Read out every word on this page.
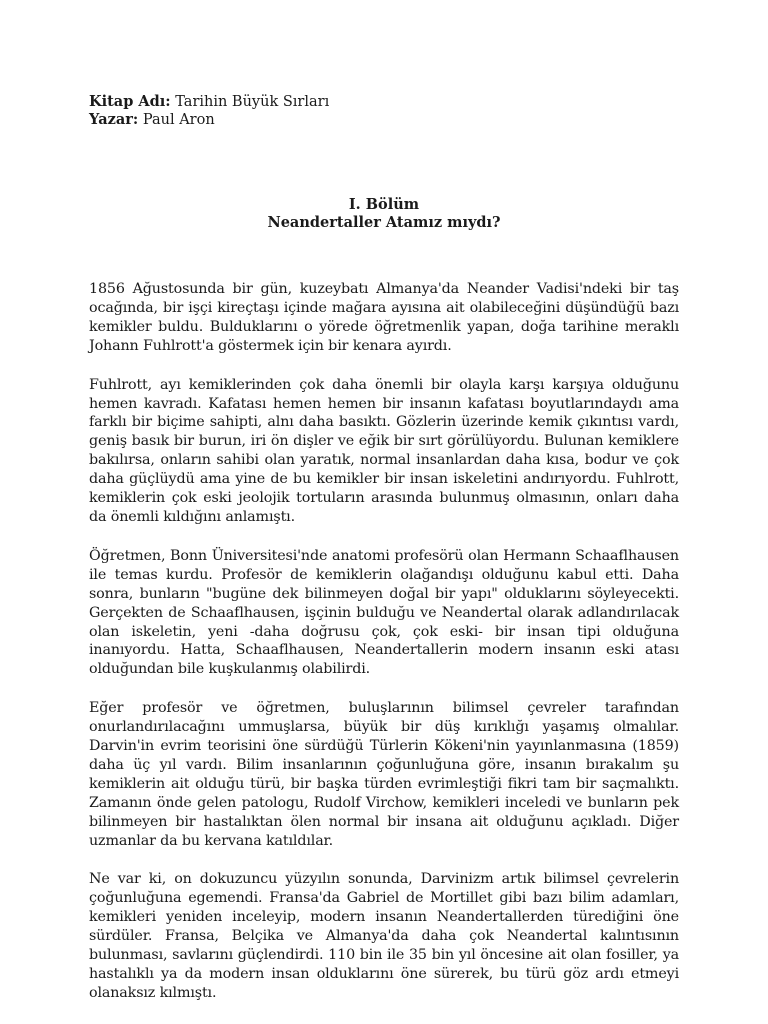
Kitap Adı: Tarihin Büyük Sırları

Yazar: Paul Aron

I. Bölüm
Neandertaller Atamız mıydı?

1856 Ağustosunda bir gün, kuzeybatı Almanya'da Neander Vadisi'ndeki bir taş ocağında, bir işçi kireçtaşı içinde mağara ayısına ait olabileceğini düşündüğü bazı kemikler buldu. Bulduklarını o yörede öğretmenlik yapan, doğa tarihine meraklı Johann Fuhlrott'a göstermek için bir kenara ayırdı.

Fuhlrott, ayı kemiklerinden çok daha önemli bir olayla karşı karşıya olduğunu hemen kavradı. Kafatası hemen hemen bir insanın kafatası boyutlarındaydı ama farklı bir biçime sahipti, alnı daha basıktı. Gözlerin üzerinde kemik çıkıntısı vardı, geniş basık bir burun, iri ön dişler ve eğik bir sırt görülüyordu. Bulunan kemiklere bakılırsa, onların sahibi olan yaratık, normal insanlardan daha kısa, bodur ve çok daha güçlüydü ama yine de bu kemikler bir insan iskeletini andırıyordu. Fuhlrott, kemiklerin çok eski jeolojik tortuların arasında bulunmuş olmasının, onları daha da önemli kıldığını anlamıştı.

Öğretmen, Bonn Üniversitesi'nde anatomi profesörü olan Hermann Schaaflhausen ile temas kurdu. Profesör de kemiklerin olağandışı olduğunu kabul etti. Daha sonra, bunların "bugüne dek bilinmeyen doğal bir yapı" olduklarını söyleyecekti. Gerçekten de Schaaflhausen, işçinin bulduğu ve Neandertal olarak adlandırılacak olan iskeletin, yeni -daha doğrusu çok, çok eski- bir insan tipi olduğuna inanıyordu. Hatta, Schaaflhausen, Neandertallerin modern insanın eski atası olduğundan bile kuşkulanmış olabilirdi.

Eğer profesör ve öğretmen, buluşlarının bilimsel çevreler tarafından onurlandırılacağını ummuşlarsa, büyük bir düş kırıklığı yaşamış olmalılar. Darvin'in evrim teorisini öne sürdüğü Türlerin Kökeni'nin yayınlanmasına (1859) daha üç yıl vardı. Bilim insanlarının çoğunluğuna göre, insanın bırakalım şu kemiklerin ait olduğu türü, bir başka türden evrimleştiği fikri tam bir saçmalıktı. Zamanın önde gelen patologu, Rudolf Virchow, kemikleri inceledi ve bunların pek bilinmeyen bir hastalıktan ölen normal bir insana ait olduğunu açıkladı. Diğer uzmanlar da bu kervana katıldılar.

Ne var ki, on dokuzuncu yüzyılın sonunda, Darvinizm artık bilimsel çevrelerin çoğunluğuna egemendi. Fransa'da Gabriel de Mortillet gibi bazı bilim adamları, kemikleri yeniden inceleyip, modern insanın Neandertallerden türediğini öne sürdüler. Fransa, Belçika ve Almanya'da daha çok Neandertal kalıntısının bulunması, savlarını güçlendirdi. 110 bin ile 35 bin yıl öncesine ait olan fosiller, ya hastalıklı ya da modern insan olduklarını öne sürerek, bu türü göz ardı etmeyi olanaksız kılmıştı.
